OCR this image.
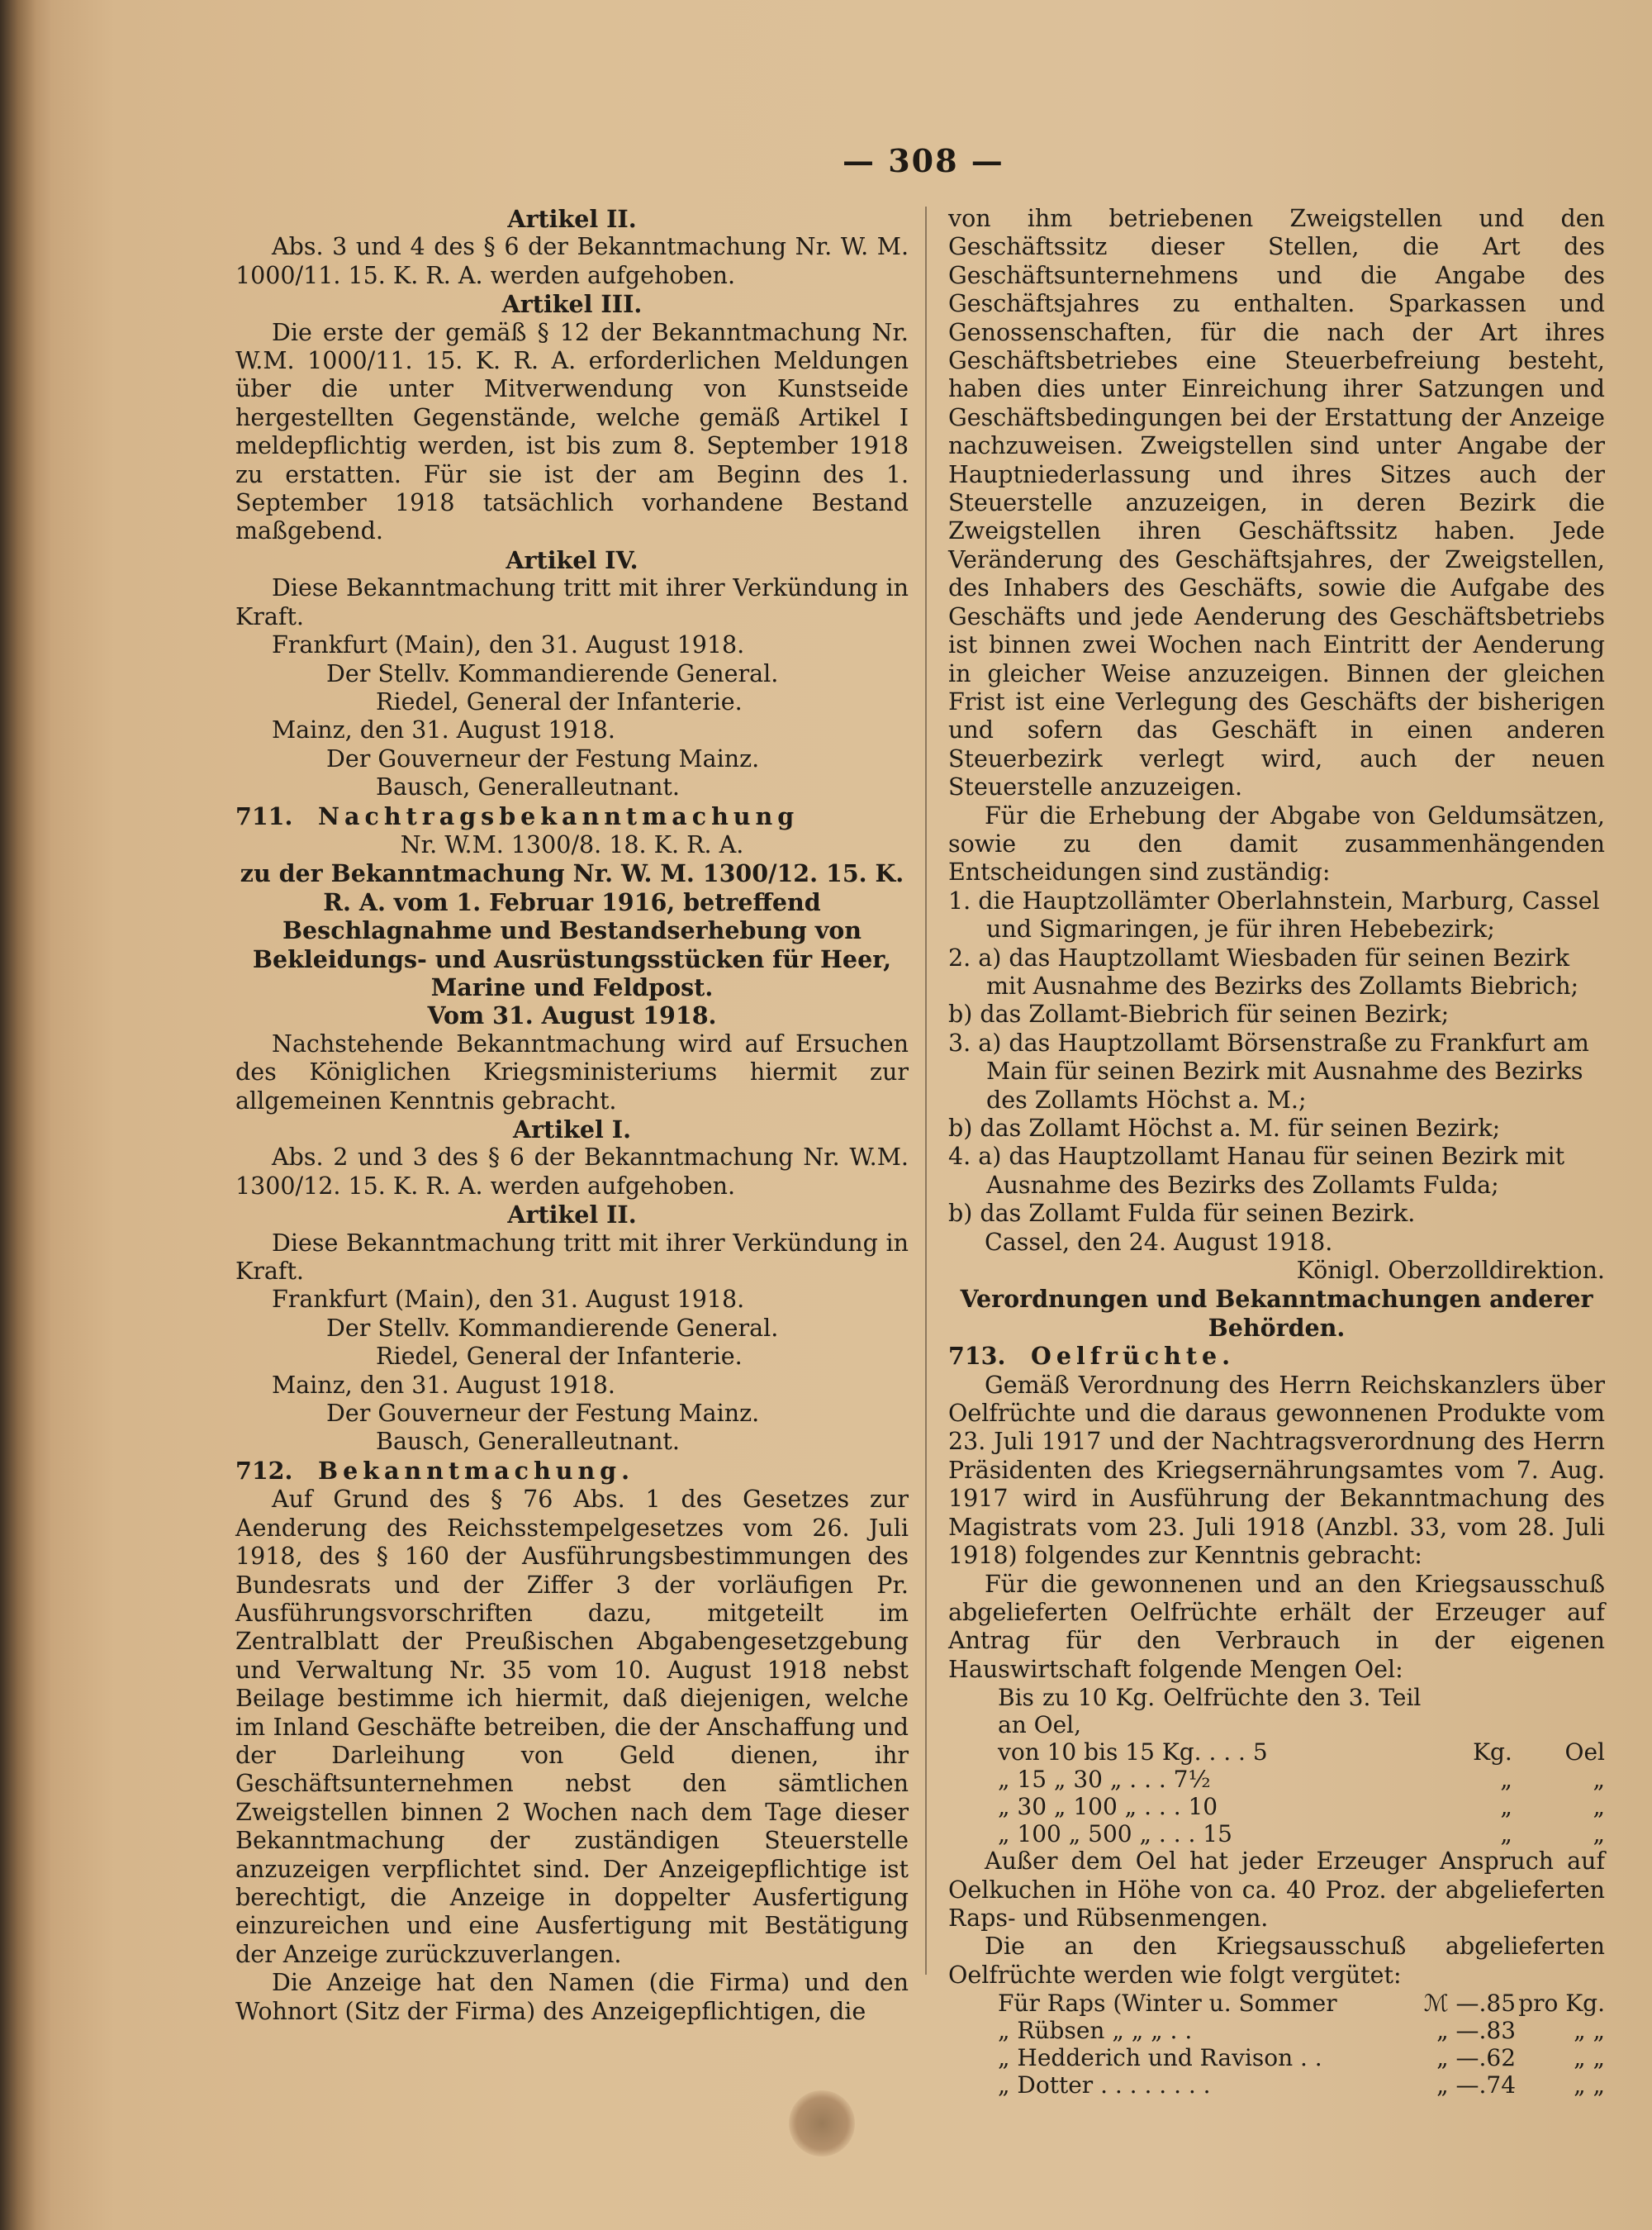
— 308 —

Artikel II.

Abs. 3 und 4 des § 6 der Bekanntmachung Nr. W. M. 1000/11. 15. K. R. A. werden aufgehoben.

Artikel III.

Die erste der gemäß § 12 der Bekanntmachung Nr. W.M. 1000/11. 15. K. R. A. erforderlichen Meldungen über die unter Mitverwendung von Kunstseide hergestellten Gegenstände, welche gemäß Artikel I meldepflichtig werden, ist bis zum 8. September 1918 zu erstatten. Für sie ist der am Beginn des 1. September 1918 tatsächlich vorhandene Bestand maßgebend.

Artikel IV.

Diese Bekanntmachung tritt mit ihrer Verkündung in Kraft.

Frankfurt (Main), den 31. August 1918.

Der Stellv. Kommandierende General.

Riedel, General der Infanterie.

Mainz, den 31. August 1918.

Der Gouverneur der Festung Mainz.

Bausch, Generalleutnant.

711. Nachtragsbekanntmachung

Nr. W.M. 1300/8. 18. K. R. A.

zu der Bekanntmachung Nr. W. M. 1300/12. 15. K. R. A. vom 1. Februar 1916, betreffend Beschlagnahme und Bestandserhebung von Bekleidungs- und Ausrüstungsstücken für Heer, Marine und Feldpost.

Vom 31. August 1918.

Nachstehende Bekanntmachung wird auf Ersuchen des Königlichen Kriegsministeriums hiermit zur allgemeinen Kenntnis gebracht.

Artikel I.

Abs. 2 und 3 des § 6 der Bekanntmachung Nr. W.M. 1300/12. 15. K. R. A. werden aufgehoben.

Artikel II.

Diese Bekanntmachung tritt mit ihrer Verkündung in Kraft.

Frankfurt (Main), den 31. August 1918.

Der Stellv. Kommandierende General.

Riedel, General der Infanterie.

Mainz, den 31. August 1918.

Der Gouverneur der Festung Mainz.

Bausch, Generalleutnant.

712. Bekanntmachung.

Auf Grund des § 76 Abs. 1 des Gesetzes zur Aenderung des Reichsstempelgesetzes vom 26. Juli 1918, des § 160 der Ausführungsbestimmungen des Bundesrats und der Ziffer 3 der vorläufigen Pr. Ausführungsvorschriften dazu, mitgeteilt im Zentralblatt der Preußischen Abgabengesetzgebung und Verwaltung Nr. 35 vom 10. August 1918 nebst Beilage bestimme ich hiermit, daß diejenigen, welche im Inland Geschäfte betreiben, die der Anschaffung und der Darleihung von Geld dienen, ihr Geschäftsunternehmen nebst den sämtlichen Zweigstellen binnen 2 Wochen nach dem Tage dieser Bekanntmachung der zuständigen Steuerstelle anzuzeigen verpflichtet sind. Der Anzeigepflichtige ist berechtigt, die Anzeige in doppelter Ausfertigung einzureichen und eine Ausfertigung mit Bestätigung der Anzeige zurückzuverlangen.

Die Anzeige hat den Namen (die Firma) und den Wohnort (Sitz der Firma) des Anzeigepflichtigen, die

von ihm betriebenen Zweigstellen und den Geschäftssitz dieser Stellen, die Art des Geschäftsunternehmens und die Angabe des Geschäftsjahres zu enthalten. Sparkassen und Genossenschaften, für die nach der Art ihres Geschäftsbetriebes eine Steuerbefreiung besteht, haben dies unter Einreichung ihrer Satzungen und Geschäftsbedingungen bei der Erstattung der Anzeige nachzuweisen. Zweigstellen sind unter Angabe der Hauptniederlassung und ihres Sitzes auch der Steuerstelle anzuzeigen, in deren Bezirk die Zweigstellen ihren Geschäftssitz haben. Jede Veränderung des Geschäftsjahres, der Zweigstellen, des Inhabers des Geschäfts, sowie die Aufgabe des Geschäfts und jede Aenderung des Geschäftsbetriebs ist binnen zwei Wochen nach Eintritt der Aenderung in gleicher Weise anzuzeigen. Binnen der gleichen Frist ist eine Verlegung des Geschäfts der bisherigen und sofern das Geschäft in einen anderen Steuerbezirk verlegt wird, auch der neuen Steuerstelle anzuzeigen.

Für die Erhebung der Abgabe von Geldumsätzen, sowie zu den damit zusammenhängenden Entscheidungen sind zuständig:

1. die Hauptzollämter Oberlahnstein, Marburg, Cassel und Sigmaringen, je für ihren Hebebezirk;

2. a) das Hauptzollamt Wiesbaden für seinen Bezirk mit Ausnahme des Bezirks des Zollamts Biebrich;

b) das Zollamt-Biebrich für seinen Bezirk;

3. a) das Hauptzollamt Börsenstraße zu Frankfurt am Main für seinen Bezirk mit Ausnahme des Bezirks des Zollamts Höchst a. M.;

b) das Zollamt Höchst a. M. für seinen Bezirk;

4. a) das Hauptzollamt Hanau für seinen Bezirk mit Ausnahme des Bezirks des Zollamts Fulda;

b) das Zollamt Fulda für seinen Bezirk.

Cassel, den 24. August 1918.

Königl. Oberzolldirektion.

Verordnungen und Bekanntmachungen anderer Behörden.

713. Oelfrüchte.

Gemäß Verordnung des Herrn Reichskanzlers über Oelfrüchte und die daraus gewonnenen Produkte vom 23. Juli 1917 und der Nachtragsverordnung des Herrn Präsidenten des Kriegsernährungsamtes vom 7. Aug. 1917 wird in Ausführung der Bekanntmachung des Magistrats vom 23. Juli 1918 (Anzbl. 33, vom 28. Juli 1918) folgendes zur Kenntnis gebracht:

Für die gewonnenen und an den Kriegsausschuß abgelieferten Oelfrüchte erhält der Erzeuger auf Antrag für den Verbrauch in der eigenen Hauswirtschaft folgende Mengen Oel:

Bis zu 10 Kg. Oelfrüchte den 3. Teil an Oel,		
von 10 bis 15 Kg. . . . 5	Kg.	Oel
„ 15 „ 30 „ . . . 7½	„	„
„ 30 „ 100 „ . . . 10	„	„
„ 100 „ 500 „ . . . 15	„	„

Außer dem Oel hat jeder Erzeuger Anspruch auf Oelkuchen in Höhe von ca. 40 Proz. der abgelieferten Raps- und Rübsenmengen.

Die an den Kriegsausschuß abgelieferten Oelfrüchte werden wie folgt vergütet:

Für Raps (Winter u. Sommer	ℳ —.85	pro Kg.
„ Rübsen „ „ „ . .	„ —.83	„ „
„ Hedderich und Ravison . .	„ —.62	„ „
„ Dotter . . . . . . . .	„ —.74	„ „
